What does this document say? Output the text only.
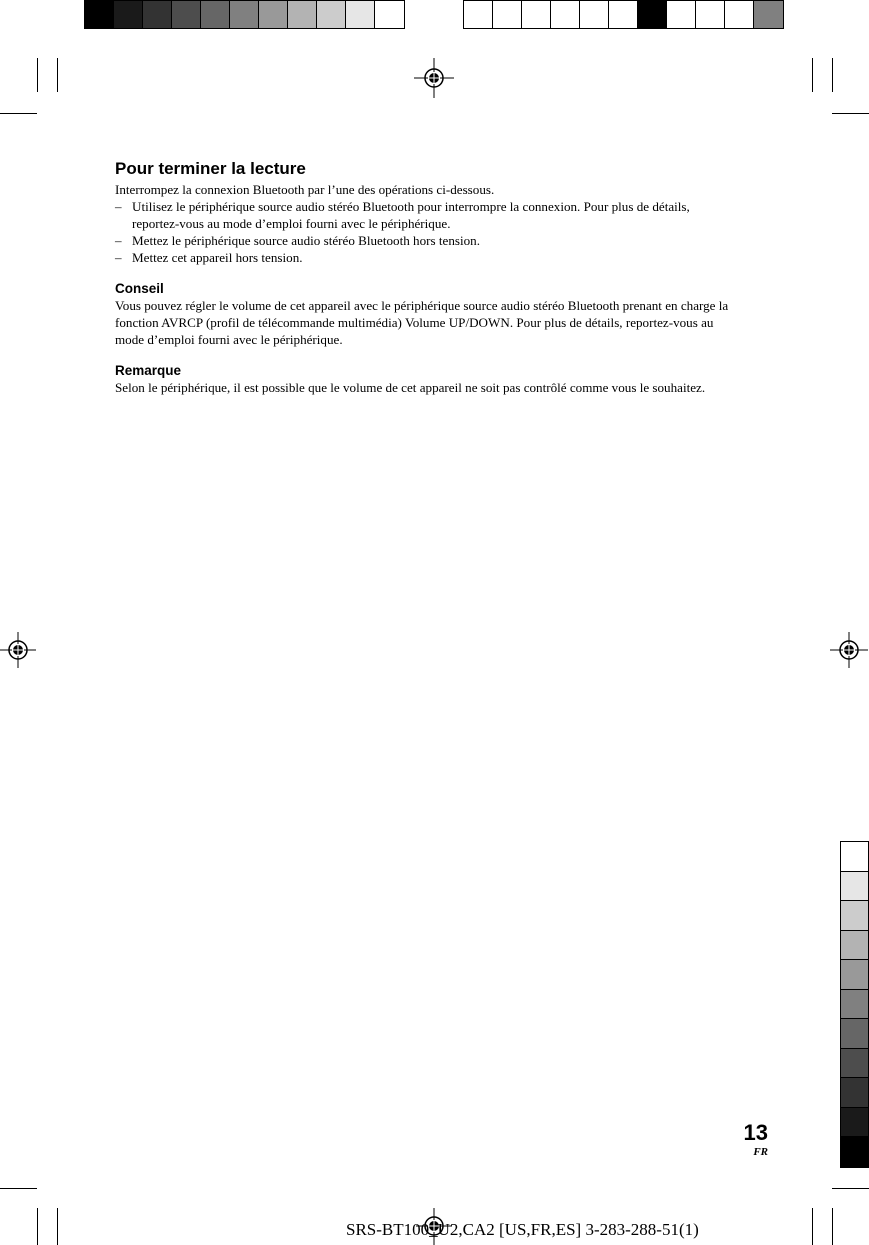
Pour terminer la lecture

Interrompez la connexion Bluetooth par l’une des opérations ci-dessous.

– Utilisez le périphérique source audio stéréo Bluetooth pour interrompre la connexion. Pour plus de détails, reportez-vous au mode d’emploi fourni avec le périphérique.
– Mettez le périphérique source audio stéréo Bluetooth hors tension.
– Mettez cet appareil hors tension.
Conseil

Vous pouvez régler le volume de cet appareil avec le périphérique source audio stéréo Bluetooth prenant en charge la fonction AVRCP (profil de télécommande multimédia) Volume UP/DOWN. Pour plus de détails, reportez-vous au mode d’emploi fourni avec le périphérique.

Remarque

Selon le périphérique, il est possible que le volume de cet appareil ne soit pas contrôlé comme vous le souhaitez.

13
FR
SRS-BT100_U2,CA2 [US,FR,ES] 3-283-288-51(1)
